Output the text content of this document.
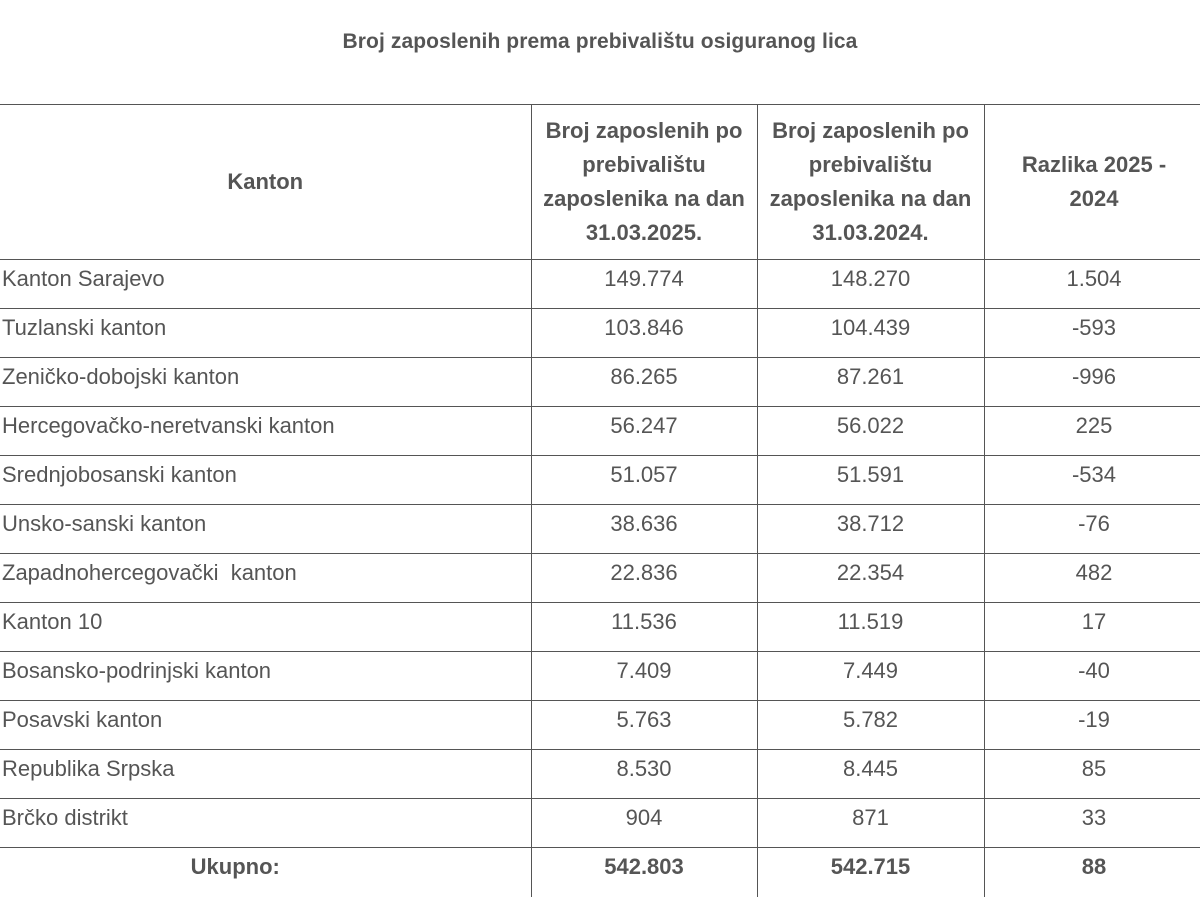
Broj zaposlenih prema prebivalištu osiguranog lica
Kanton	Broj zaposlenih po prebivalištu zaposlenika na dan 31.03.2025.	Broj zaposlenih po prebivalištu zaposlenika na dan 31.03.2024.	Razlika 2025 - 2024
Kanton Sarajevo	149.774	148.270	1.504
Tuzlanski kanton	103.846	104.439	-593
Zeničko-dobojski kanton	86.265	87.261	-996
Hercegovačko-neretvanski kanton	56.247	56.022	225
Srednjobosanski kanton	51.057	51.591	-534
Unsko-sanski kanton	38.636	38.712	-76
Zapadnohercegovački  kanton	22.836	22.354	482
Kanton 10	11.536	11.519	17
Bosansko-podrinjski kanton	7.409	7.449	-40
Posavski kanton	5.763	5.782	-19
Republika Srpska	8.530	8.445	85
Brčko distrikt	904	871	33
Ukupno:	542.803	542.715	88
